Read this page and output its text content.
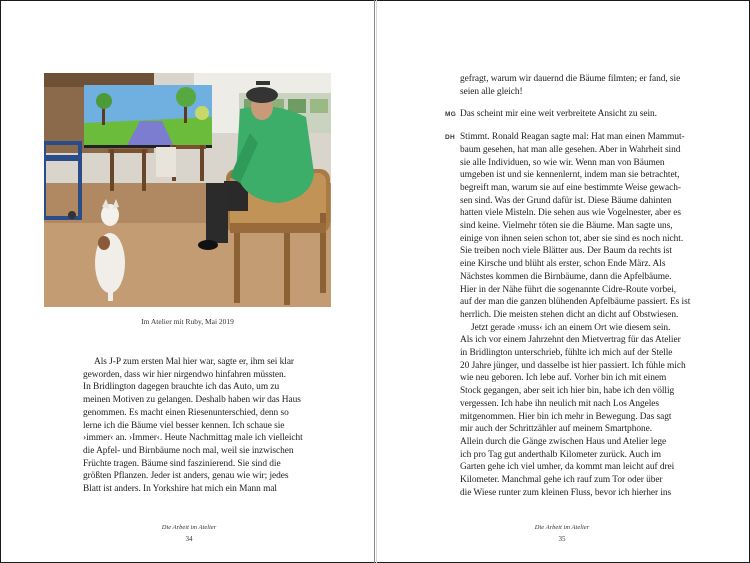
Im Atelier mit Ruby, Mai 2019

Als J-P zum ersten Mal hier war, sagte er, ihm sei klar

geworden, dass wir hier nirgendwo hinfahren müssten.

In Bridlington dagegen brauchte ich das Auto, um zu

meinen Motiven zu gelangen. Deshalb haben wir das Haus

genommen. Es macht einen Riesenunterschied, denn so

lerne ich die Bäume viel besser kennen. Ich schaue sie

›immer‹ an. ›Immer‹. Heute Nachmittag male ich vielleicht

die Apfel- und Birnbäume noch mal, weil sie inzwischen

Früchte tragen. Bäume sind faszinierend. Sie sind die

größten Pflanzen. Jeder ist anders, genau wie wir; jedes

Blatt ist anders. In Yorkshire hat mich ein Mann mal

Die Arbeit im Atelier
34

gefragt, warum wir dauernd die Bäume filmten; er fand, sie

seien alle gleich!

MG Das scheint mir eine weit verbreitete Ansicht zu sein.

DH Stimmt. Ronald Reagan sagte mal: Hat man einen Mammut-

baum gesehen, hat man alle gesehen. Aber in Wahrheit sind

sie alle Individuen, so wie wir. Wenn man von Bäumen

umgeben ist und sie kennenlernt, indem man sie betrachtet,

begreift man, warum sie auf eine bestimmte Weise gewach-

sen sind. Was der Grund dafür ist. Diese Bäume dahinten

hatten viele Misteln. Die sehen aus wie Vogelnester, aber es

sind keine. Vielmehr töten sie die Bäume. Man sagte uns,

einige von ihnen seien schon tot, aber sie sind es noch nicht.

Sie treiben noch viele Blätter aus. Der Baum da rechts ist

eine Kirsche und blüht als erster, schon Ende März. Als

Nächstes kommen die Birnbäume, dann die Apfelbäume.

Hier in der Nähe führt die sogenannte Cidre-Route vorbei,

auf der man die ganzen blühenden Apfelbäume passiert. Es ist

herrlich. Die meisten stehen dicht an dicht auf Obstwiesen.

Jetzt gerade ›muss‹ ich an einem Ort wie diesem sein.

Als ich vor einem Jahrzehnt den Mietvertrag für das Atelier

in Bridlington unterschrieb, fühlte ich mich auf der Stelle

20 Jahre jünger, und dasselbe ist hier passiert. Ich fühle mich

wie neu geboren. Ich lebe auf. Vorher bin ich mit einem

Stock gegangen, aber seit ich hier bin, habe ich den völlig

vergessen. Ich habe ihn neulich mit nach Los Angeles

mitgenommen. Hier bin ich mehr in Bewegung. Das sagt

mir auch der Schrittzähler auf meinem Smartphone.

Allein durch die Gänge zwischen Haus und Atelier lege

ich pro Tag gut anderthalb Kilometer zurück. Auch im

Garten gehe ich viel umher, da kommt man leicht auf drei

Kilometer. Manchmal gehe ich rauf zum Tor oder über

die Wiese runter zum kleinen Fluss, bevor ich hierher ins

Die Arbeit im Atelier
35
